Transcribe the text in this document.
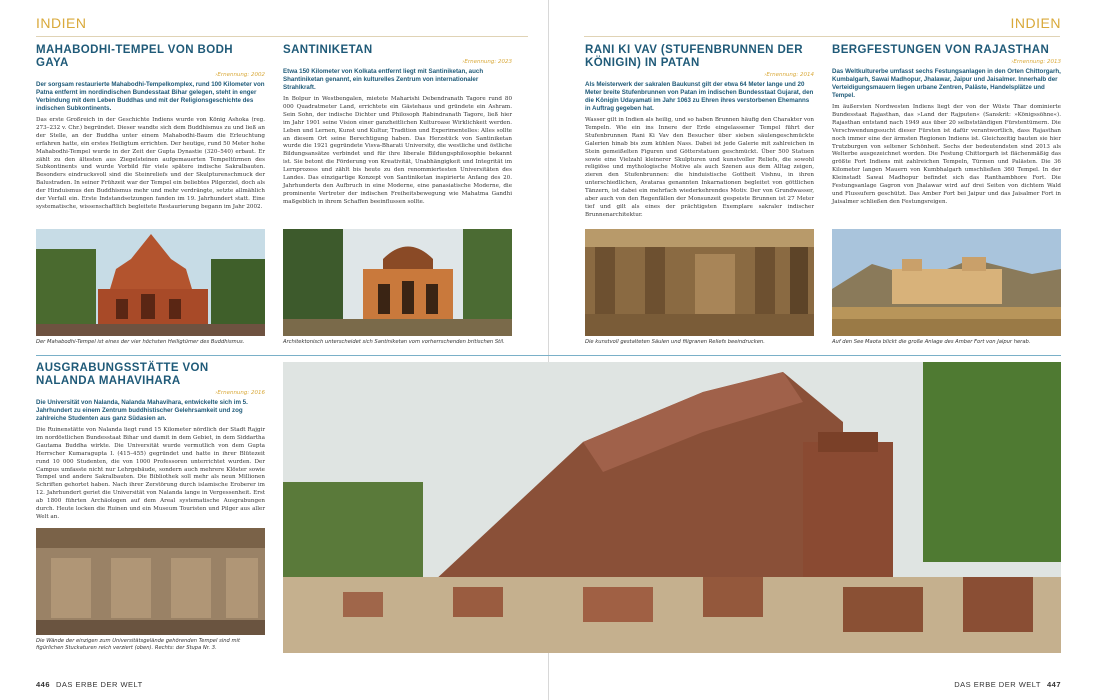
INDIEN	INDIEN
MAHABODHI-TEMPEL VON BODH GAYA
›Ernennung: 2002
Der sorgsam restaurierte Mahabodhi-Tempelkomplex, rund 100 Kilometer von Patna entfernt im nordindischen Bundesstaat Bihar gelegen, steht in enger Verbindung mit dem Leben Buddhas und mit der Religionsgeschichte des indischen Subkontinents.
Das erste Großreich in der Geschichte Indiens wurde von König Ashoka (reg. 273–232 v. Chr.) begründet. Dieser wandte sich dem Buddhismus zu und ließ an der Stelle, an der Buddha unter einem Mahabodhi-Baum die Erleuchtung erfahren hatte, ein erstes Heiligtum errichten. Der heutige, rund 50 Meter hohe Mahabodhi-Tempel wurde in der Zeit der Gupta Dynastie (320–540) erbaut. Er zählt zu den ältesten aus Ziegelsteinen aufgemauerten Tempeltürmen des Subkontinents und wurde Vorbild für viele spätere indische Sakralbauten. Besonders eindrucksvoll sind die Steinreliefs und der Skulpturenschmuck der Balustraden. In seiner Frühzeit war der Tempel ein beliebtes Pilgerziel, doch als der Hinduismus den Buddhismus mehr und mehr verdrängte, setzte allmählich der Verfall ein. Erste Indstandsetzungen fanden im 19. Jahrhundert statt. Eine systematische, wissenschaftlich begleitete Restaurierung begann im Jahr 2002.
Der Mahabodhi-Tempel ist eines der vier höchsten Heiligtümer des Buddhismus.
SANTINIKETAN
›Ernennung: 2023
Etwa 150 Kilometer von Kolkata entfernt liegt mit Santiniketan, auch Shantiniketan genannt, ein kulturelles Zentrum von internationaler Strahlkraft.
In Bolpur in Westbengalen, mietete Maharishi Debendranath Tagore rund 80 000 Quadratmeter Land, errichtete ein Gästehaus und gründete ein Ashram. Sein Sohn, der indische Dichter und Philosoph Rabindranath Tagore, ließ hier im Jahr 1901 seine Vision einer ganzheitlichen Kulturoase Wirklichkeit werden. Leben und Lernen, Kunst und Kultur, Tradition und Experimentelles: Alles sollte an diesem Ort seine Berechtigung haben. Das Herzstück von Santiniketan wurde die 1921 gegründete Visva-Bharati University, die westliche und östliche Bildungsansätze verbindet und für ihre liberale Bildungsphilosophie bekannt ist. Sie betont die Förderung von Kreativität, Unabhängigkeit und Integrität im Lernprozess und zählt bis heute zu den renommiertesten Universitäten des Landes. Das einzigartige Konzept von Santiniketan inspirierte Anfang des 20. Jahrhunderts den Aufbruch in eine Moderne, eine panasiatische Moderne, die prominente Vertreter der indischen Freiheitsbewegung wie Mahatma Gandhi maßgeblich in ihrem Schaffen beeinflussen sollte.
Architektonisch unterscheidet sich Santiniketan vom vorherrschenden britischen Stil.
RANI KI VAV (STUFENBRUNNEN DER KÖNIGIN) IN PATAN
›Ernennung: 2014
Als Meisterwerk der sakralen Baukunst gilt der etwa 64 Meter lange und 20 Meter breite Stufenbrunnen von Patan im indischen Bundesstaat Gujarat, den die Königin Udayamati im Jahr 1063 zu Ehren ihres verstorbenen Ehemanns in Auftrag gegeben hat.
Wasser gilt in Indien als heilig, und so haben Brunnen häufig den Charakter von Tempeln. Wie ein ins Innere der Erde eingelassener Tempel führt der Stufenbrunnen Rani Ki Vav den Besucher über sieben säulengeschmückte Galerien hinab bis zum kühlen Nass. Dabei ist jede Galerie mit zahlreichen in Stein gemeißelten Figuren und Götterstatuen geschmückt. Über 500 Statuen sowie eine Vielzahl kleinerer Skulpturen und kunstvoller Reliefs, die sowohl religiöse und mythologische Motive als auch Szenen aus dem Alltag zeigen, zieren den Stufenbrunnen: die hinduistische Gottheit Vishnu, in ihren unterschiedlichen, Avataras genannten Inkarnationen begleitet von göttlichen Tänzern, ist dabei ein mehrfach wiederkehrendes Motiv. Der von Grundwasser, aber auch von den Regenfällen der Monsunzeit gespeiste Brunnen ist 27 Meter tief und gilt als eines der prächtigsten Exemplare sakraler indischer Brunnenarchitektur.
Die kunstvoll gestalteten Säulen und filigranen Reliefs beeindrucken.
BERGFESTUNGEN VON RAJASTHAN
›Ernennung: 2013
Das Weltkulturerbe umfasst sechs Festungsanlagen in den Orten Chittorgarh, Kumbalgarh, Sawai Madhopur, Jhalawar, Jaipur und Jaisalmer. Innerhalb der Verteidigungsmauern liegen urbane Zentren, Paläste, Handelsplätze und Tempel.
Im äußersten Nordwesten Indiens liegt der von der Wüste Thar dominierte Bundesstaat Rajasthan, das »Land der Rajputen« (Sanskrit: »Königssöhne«). Rajasthan entstand nach 1949 aus über 20 selbstständigen Fürstentümern. Die Verschwendungssucht dieser Fürsten ist dafür verantwortlich, dass Rajasthan noch immer eine der ärmsten Regionen Indiens ist. Gleichzeitig bauten sie hier Trutzburgen von seltener Schönheit. Sechs der bedeutendsten sind 2013 als Welterbe ausgezeichnet worden. Die Festung Chittorgarh ist flächenmäßig das größte Fort Indiens mit zahlreichen Tempeln, Türmen und Palästen. Die 36 Kilometer langen Mauern von Kumbhalgarh umschließen 360 Tempel. In der Kleinstadt Sawai Madhopur befindet sich das Ranthambhore Fort. Die Festungsanlage Gagron von Jhalawar wird auf drei Seiten von dichtem Wald und Flussufern geschützt. Das Amber Fort bei Jaipur und das Jaisalmer Fort in Jaisalmer schließen den Festungsreigen.
Auf den See Maota blickt die große Anlage des Amber Fort von Jaipur herab.
AUSGRABUNGSSTÄTTE VON NALANDA MAHAVIHARA
›Ernennung: 2016
Die Universität von Nalanda, Nalanda Mahavihara, entwickelte sich im 5. Jahrhundert zu einem Zentrum buddhistischer Gelehrsamkeit und zog zahlreiche Studenten aus ganz Südasien an.
Die Ruinenstätte von Nalanda liegt rund 15 Kilometer nördlich der Stadt Rajgir im nordöstlichen Bundesstaat Bihar und damit in dem Gebiet, in dem Siddartha Gautama Buddha wirkte. Die Universität wurde vermutlich von dem Gupta Herrscher Kumaragupta I. (415–455) gegründet und hatte in ihrer Blütezeit rund 10 000 Studenten, die von 1000 Professoren unterrichtet wurden. Der Campus umfasste nicht nur Lehrgebäude, sondern auch mehrere Klöster sowie Tempel und andere Sakralbauten. Die Bibliothek soll mehr als neun Millionen Schriften gehortet haben. Nach ihrer Zerstörung durch islamische Eroberer im 12. Jahrhundert geriet die Universität von Nalanda lange in Vergessenheit. Erst ab 1800 führten Archäologen auf dem Areal systematische Ausgrabungen durch. Heute locken die Ruinen und ein Museum Touristen und Pilger aus aller Welt an.
Die Wände der einzigen zum Universitätsgelände gehörenden Tempel sind mit figürlichen Stuckaturen reich verziert (oben). Rechts: der Stupa Nr. 3.
446 DAS ERBE DER WELT	DAS ERBE DER WELT 447
